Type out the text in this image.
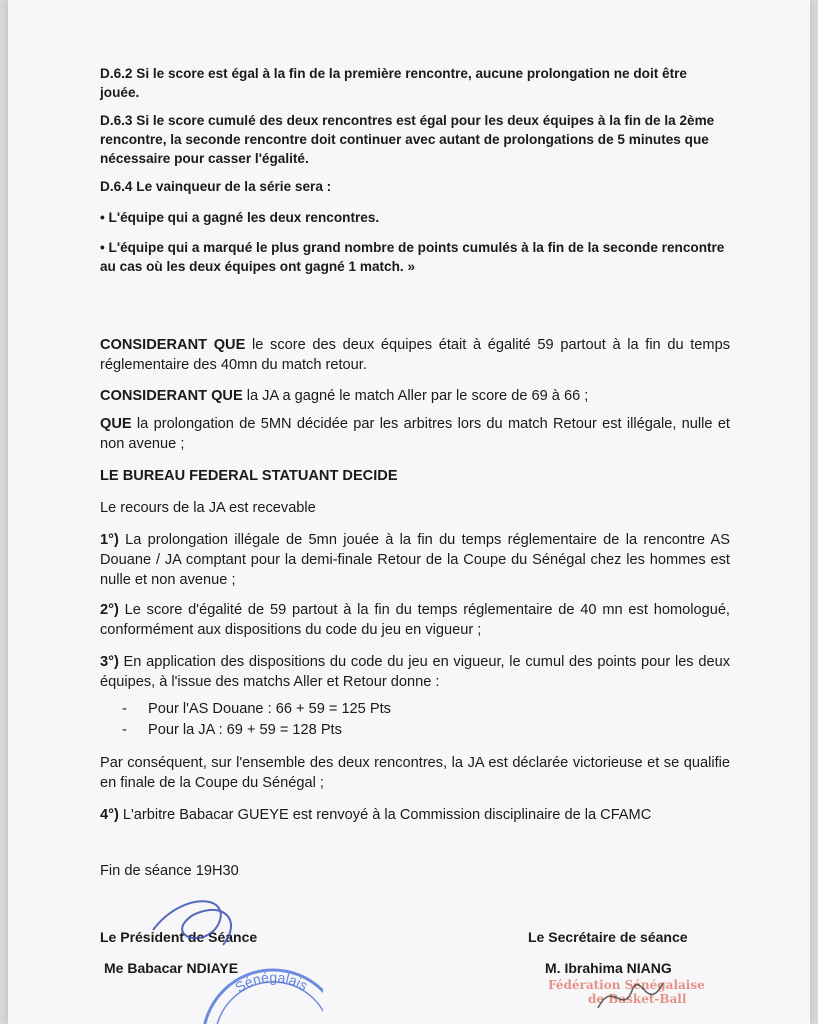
D.6.2 Si le score est égal à la fin de la première rencontre, aucune prolongation ne doit être jouée.

D.6.3 Si le score cumulé des deux rencontres est égal pour les deux équipes à la fin de la 2ème rencontre, la seconde rencontre doit continuer avec autant de prolongations de 5 minutes que nécessaire pour casser l'égalité.

D.6.4 Le vainqueur de la série sera :

• L'équipe qui a gagné les deux rencontres.

• L'équipe qui a marqué le plus grand nombre de points cumulés à la fin de la seconde rencontre au cas où les deux équipes ont gagné 1 match. »

CONSIDERANT QUE le score des deux équipes était à égalité 59 partout à la fin du temps réglementaire des 40mn du match retour.

CONSIDERANT QUE la JA a gagné le match Aller par le score de 69 à 66 ;

QUE la prolongation de 5MN décidée par les arbitres lors du match Retour est illégale, nulle et non avenue ;

LE BUREAU FEDERAL STATUANT DECIDE

Le recours de la JA est recevable

1°) La prolongation illégale de 5mn jouée à la fin du temps réglementaire de la rencontre AS Douane / JA comptant pour la demi-finale Retour de la Coupe du Sénégal chez les hommes est nulle et non avenue ;

2°) Le score d'égalité de 59 partout à la fin du temps réglementaire de 40 mn est homologué, conformément aux dispositions du code du jeu en vigueur ;

3°) En application des dispositions du code du jeu en vigueur, le cumul des points pour les deux équipes, à l'issue des matchs Aller et Retour donne :

- Pour l'AS Douane : 66 + 59 = 125 Pts

- Pour la JA : 69 + 59 = 128 Pts

Par conséquent, sur l'ensemble des deux rencontres, la JA est déclarée victorieuse et se qualifie en finale de la Coupe du Sénégal ;

4°) L'arbitre Babacar GUEYE est renvoyé à la Commission disciplinaire de la CFAMC

Fin de séance 19H30

Le Président de Séance
Me Babacar NDIAYE
Le Secrétaire de séance
M. Ibrahima NIANG
Sénégalais	Fédération Sénégalaise
de Basket-Ball
